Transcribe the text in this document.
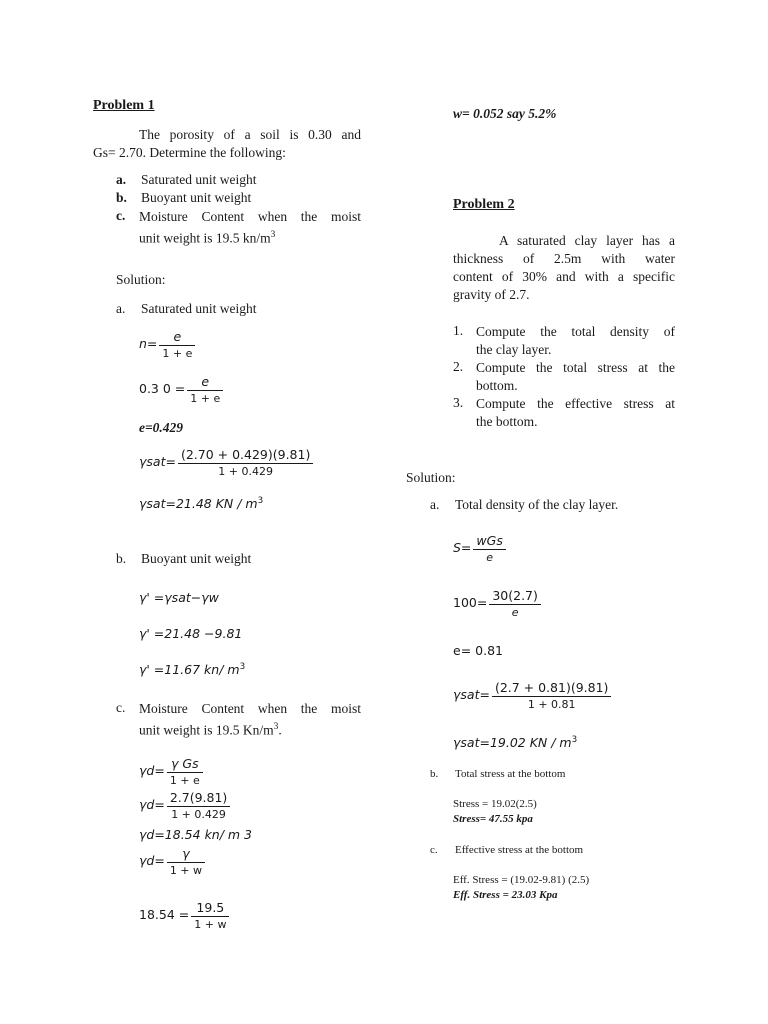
Problem 1
The porosity of a soil is 0.30 and
Gs= 2.70. Determine the following:
a. Saturated unit weight
b. Buoyant unit weight
c.	Moisture Content when the moist
unit weight is 19.5 $kn/m^3$
Solution:
a. Saturated unit weight
$n= \frac{e}{1 + e}$
0.3 $0 = \frac{e}{1 + e}$
e=0.429
$\gamma sat= \frac{(2.70 + 0.429)(9.81)}{1 + 0.429}$
γsat=21.48 KN / $m^3$
b. Buoyant unit weight
γ' =γsat−γw
γ' =21.48 −9.81
γ' =11.67 kn/ $m^3$
c.	Moisture Content when the moist
unit weight is 19.5 $Kn/m^3$.
$\gamma d= \frac{\text{γ Gs}}{1 + e}$
$\gamma d= \frac{2.7(9.81)}{1 + 0.429}$
γd=18.54 kn/ m 3
$\gamma d= \frac{\gamma}{1 + w}$
$18.54 = \frac{19.5}{1 + w}$
w= 0.052 say 5.2%
Problem 2
A saturated clay layer has a
thickness of 2.5m with water
content of 30% and with a specific
gravity of 2.7.
1. Compute the total density of
the clay layer.
2. Compute the total stress at the
bottom.
3. Compute the effective stress at
the bottom.
Solution:
a. Total density of the clay layer.
$S= \frac{\text{wGs}}{e}$
$100= \frac{30(2.7)}{e}$
e= 0.81
$\gamma sat= \frac{(2.7 + 0.81)(9.81)}{1 + 0.81}$
γsat=19.02 KN / $m^3$
b. Total stress at the bottom
Stress = 19.02(2.5)
Stress= 47.55 kpa
c. Effective stress at the bottom
Eff. Stress = (19.02-9.81) (2.5)
Eff. Stress = 23.03 Kpa
